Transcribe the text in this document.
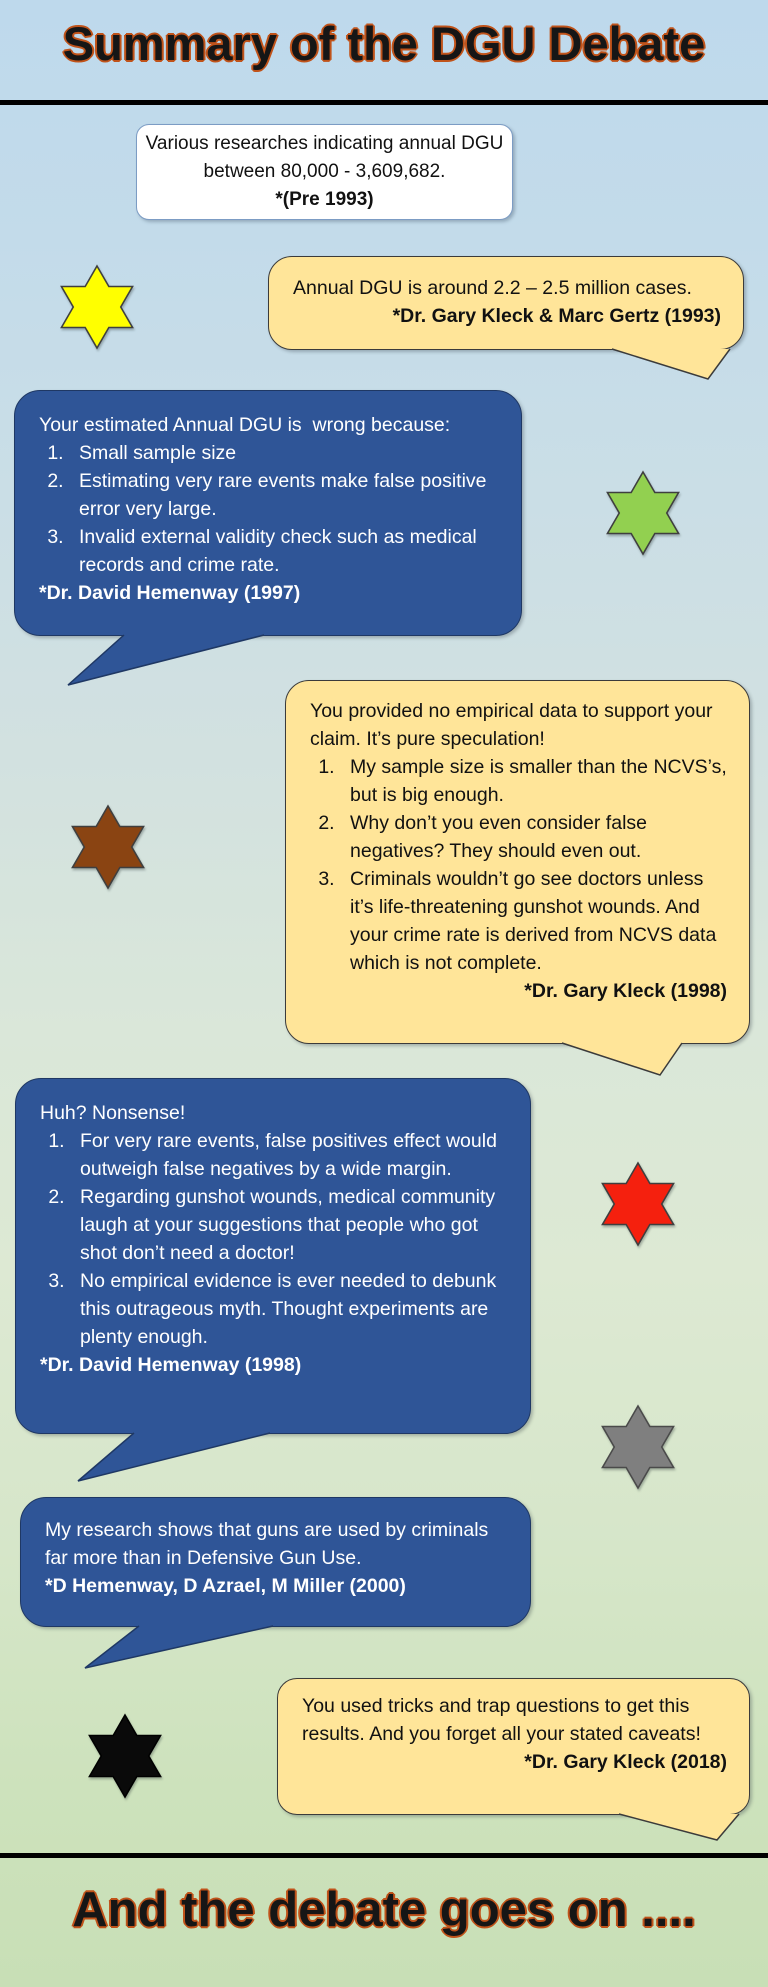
Summary of the DGU Debate
Various researches indicating annual DGU
between 80,000 - 3,609,682.
*(Pre 1993)

Annual DGU is around 2.2 – 2.5 million cases.

*Dr. Gary Kleck & Marc Gertz (1993)

Your estimated Annual DGU is  wrong because:

1. Small sample size
2. Estimating very rare events make false positive error very large.
3. Invalid external validity check such as medical records and crime rate.

*Dr. David Hemenway (1997)

You provided no empirical data to support your claim. It’s pure speculation!

1. My sample size is smaller than the NCVS’s, but is big enough.
2. Why don’t you even consider false negatives? They should even out.
3. Criminals wouldn’t go see doctors unless it’s life-threatening gunshot wounds. And your crime rate is derived from NCVS data which is not complete.

*Dr. Gary Kleck (1998)

Huh? Nonsense!

1. For very rare events, false positives effect would outweigh false negatives by a wide margin.
2. Regarding gunshot wounds, medical community laugh at your suggestions that people who got shot don’t need a doctor!
3. No empirical evidence is ever needed to debunk this outrageous myth. Thought experiments are plenty enough.

*Dr. David Hemenway (1998)

My research shows that guns are used by criminals far more than in Defensive Gun Use.

*D Hemenway, D Azrael, M Miller (2000)

You used tricks and trap questions to get this results. And you forget all your stated caveats!

*Dr. Gary Kleck (2018)

And the debate goes on ....
